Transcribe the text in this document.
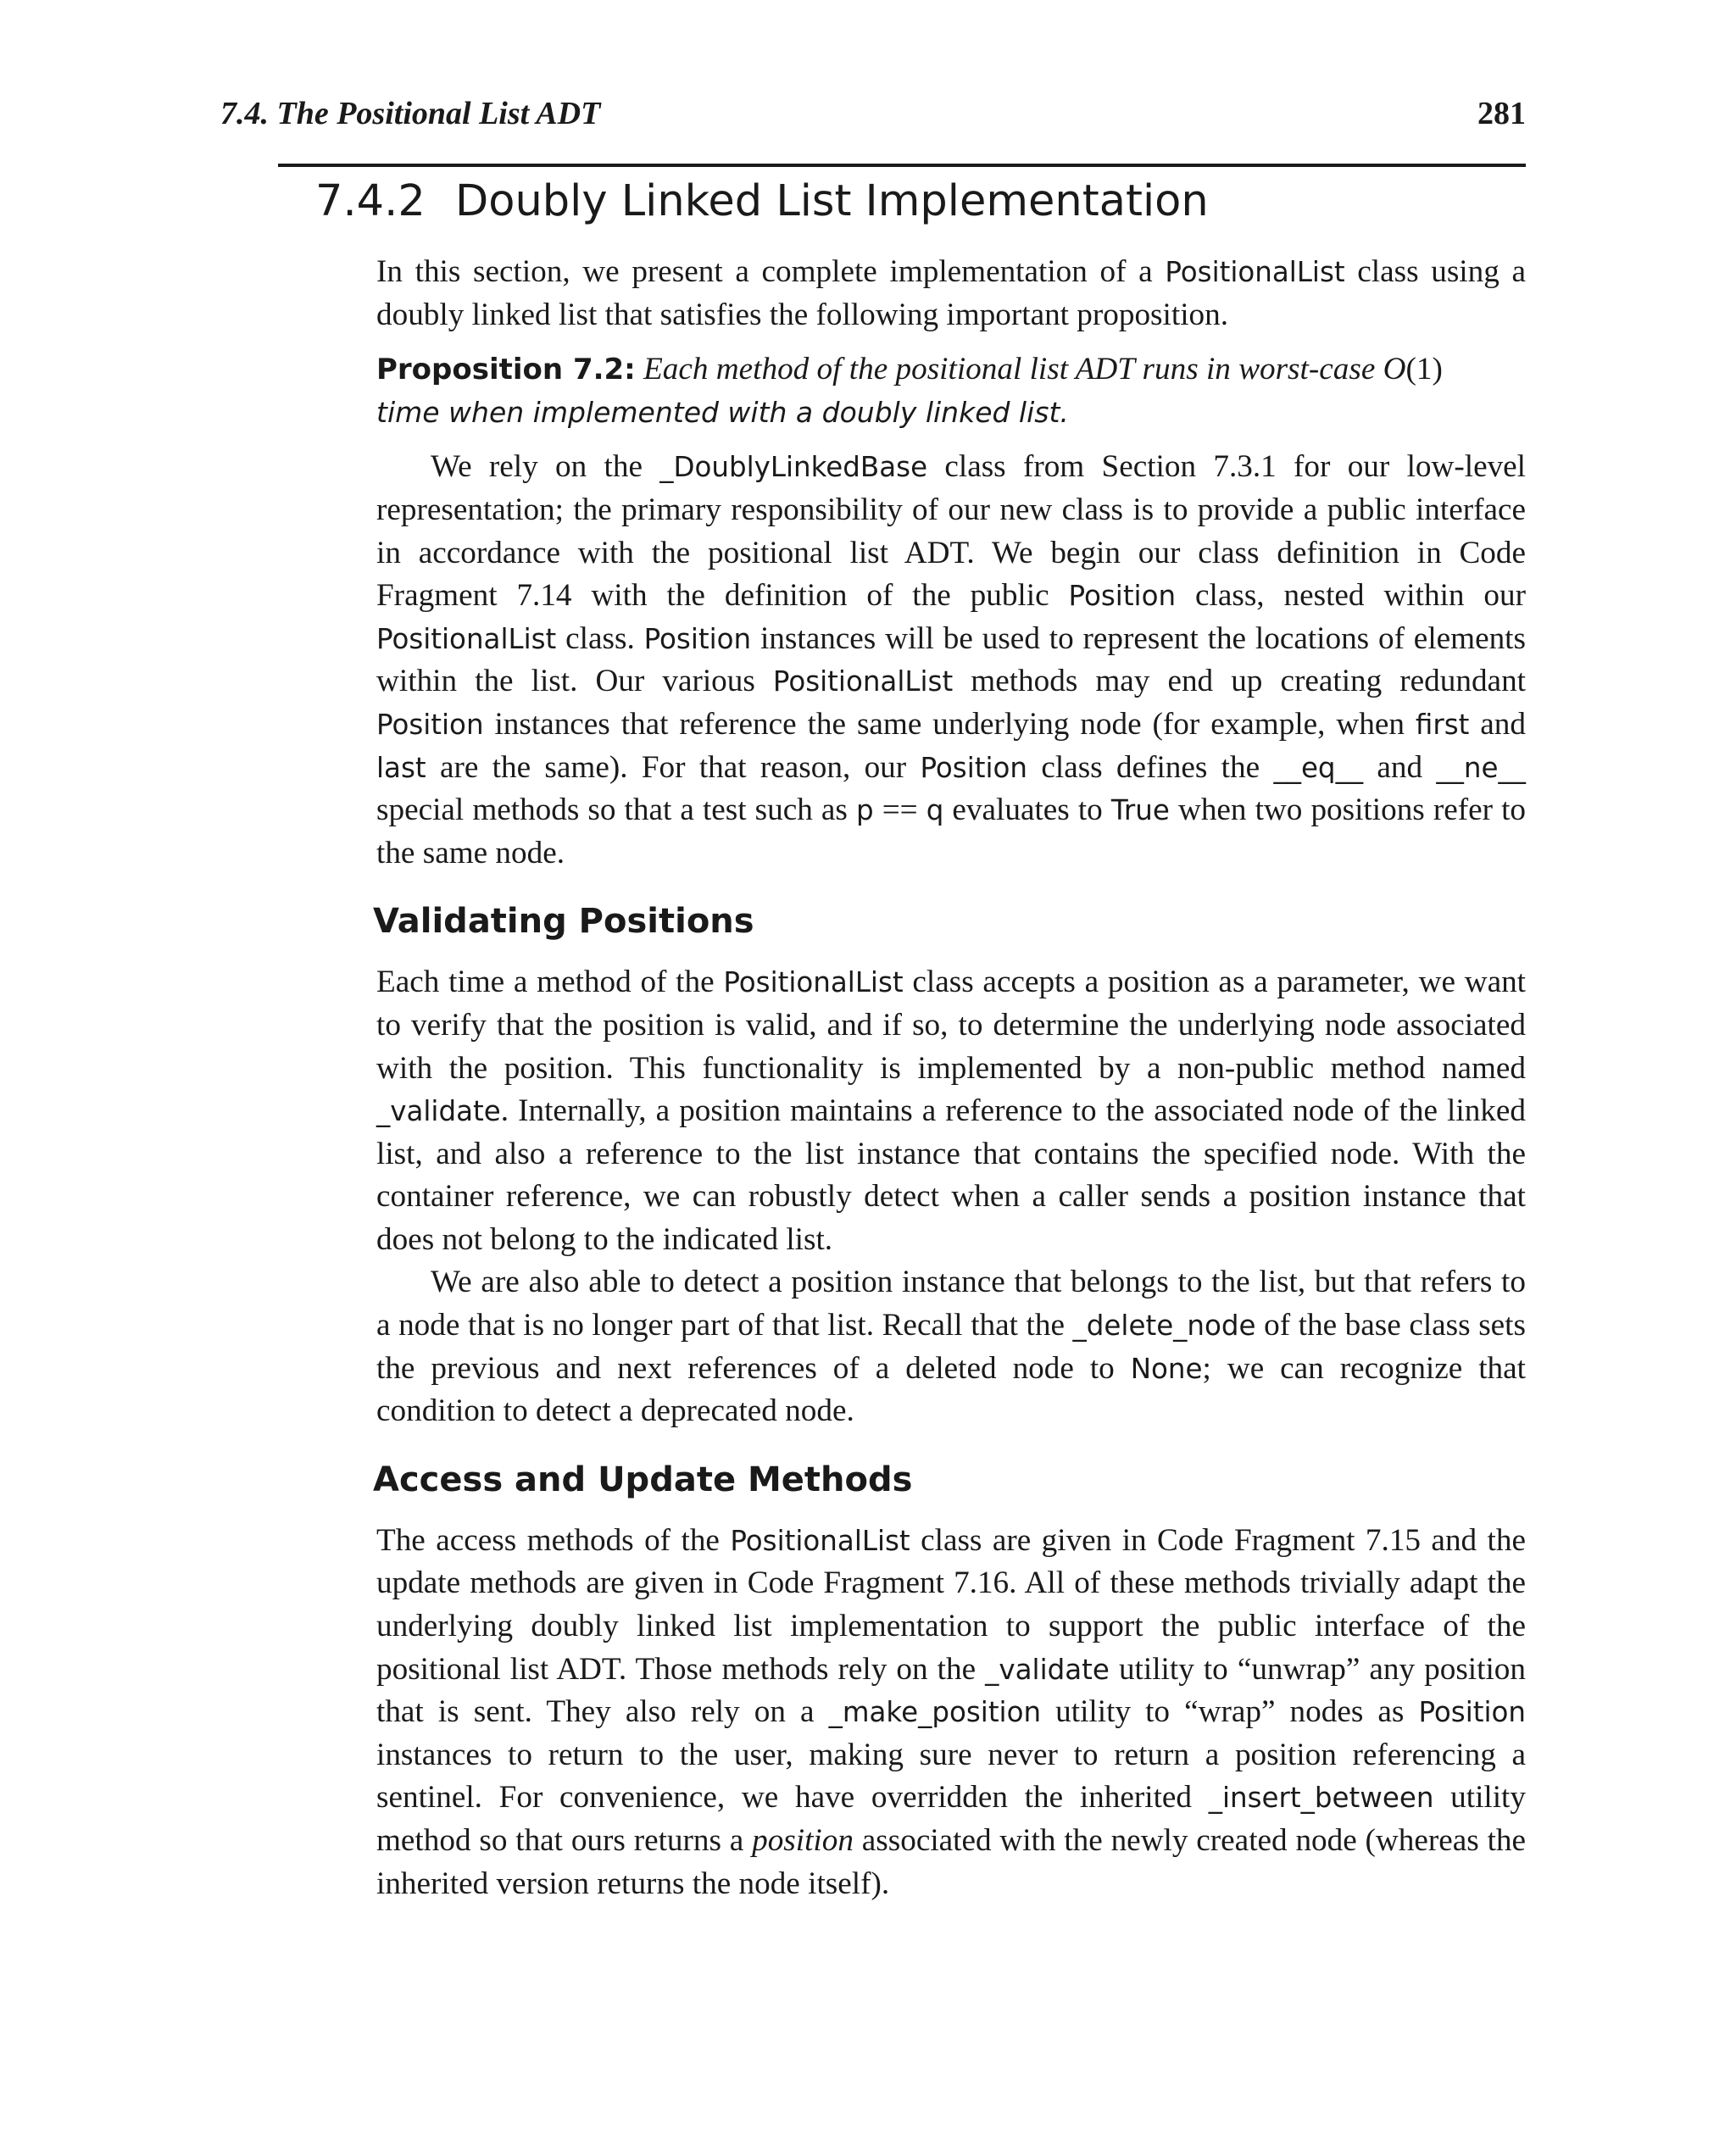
7.4. The Positional List ADT	281
7.4.2 Doubly Linked List Implementation

In this section, we present a complete implementation of a PositionalList class using a doubly linked list that satisfies the following important proposition.

Proposition 7.2: Each method of the positional list ADT runs in worst-case O(1)
time when implemented with a doubly linked list.

We rely on the _DoublyLinkedBase class from Section 7.3.1 for our low-level representation; the primary responsibility of our new class is to provide a public interface in accordance with the positional list ADT. We begin our class definition in Code Fragment 7.14 with the definition of the public Position class, nested within our PositionalList class. Position instances will be used to represent the locations of elements within the list. Our various PositionalList methods may end up creating redundant Position instances that reference the same underlying node (for example, when first and last are the same). For that reason, our Position class defines the __eq__ and __ne__ special methods so that a test such as p == q evaluates to True when two positions refer to the same node.

Validating Positions

Each time a method of the PositionalList class accepts a position as a parameter, we want to verify that the position is valid, and if so, to determine the underlying node associated with the position. This functionality is implemented by a non-public method named _validate. Internally, a position maintains a reference to the associated node of the linked list, and also a reference to the list instance that contains the specified node. With the container reference, we can robustly detect when a caller sends a position instance that does not belong to the indicated list.

We are also able to detect a position instance that belongs to the list, but that refers to a node that is no longer part of that list. Recall that the _delete_node of the base class sets the previous and next references of a deleted node to None; we can recognize that condition to detect a deprecated node.

Access and Update Methods

The access methods of the PositionalList class are given in Code Fragment 7.15 and the update methods are given in Code Fragment 7.16. All of these methods trivially adapt the underlying doubly linked list implementation to support the public interface of the positional list ADT. Those methods rely on the _validate utility to “unwrap” any position that is sent. They also rely on a _make_position utility to “wrap” nodes as Position instances to return to the user, making sure never to return a position referencing a sentinel. For convenience, we have overridden the inherited _insert_between utility method so that ours returns a position associated with the newly created node (whereas the inherited version returns the node itself).
